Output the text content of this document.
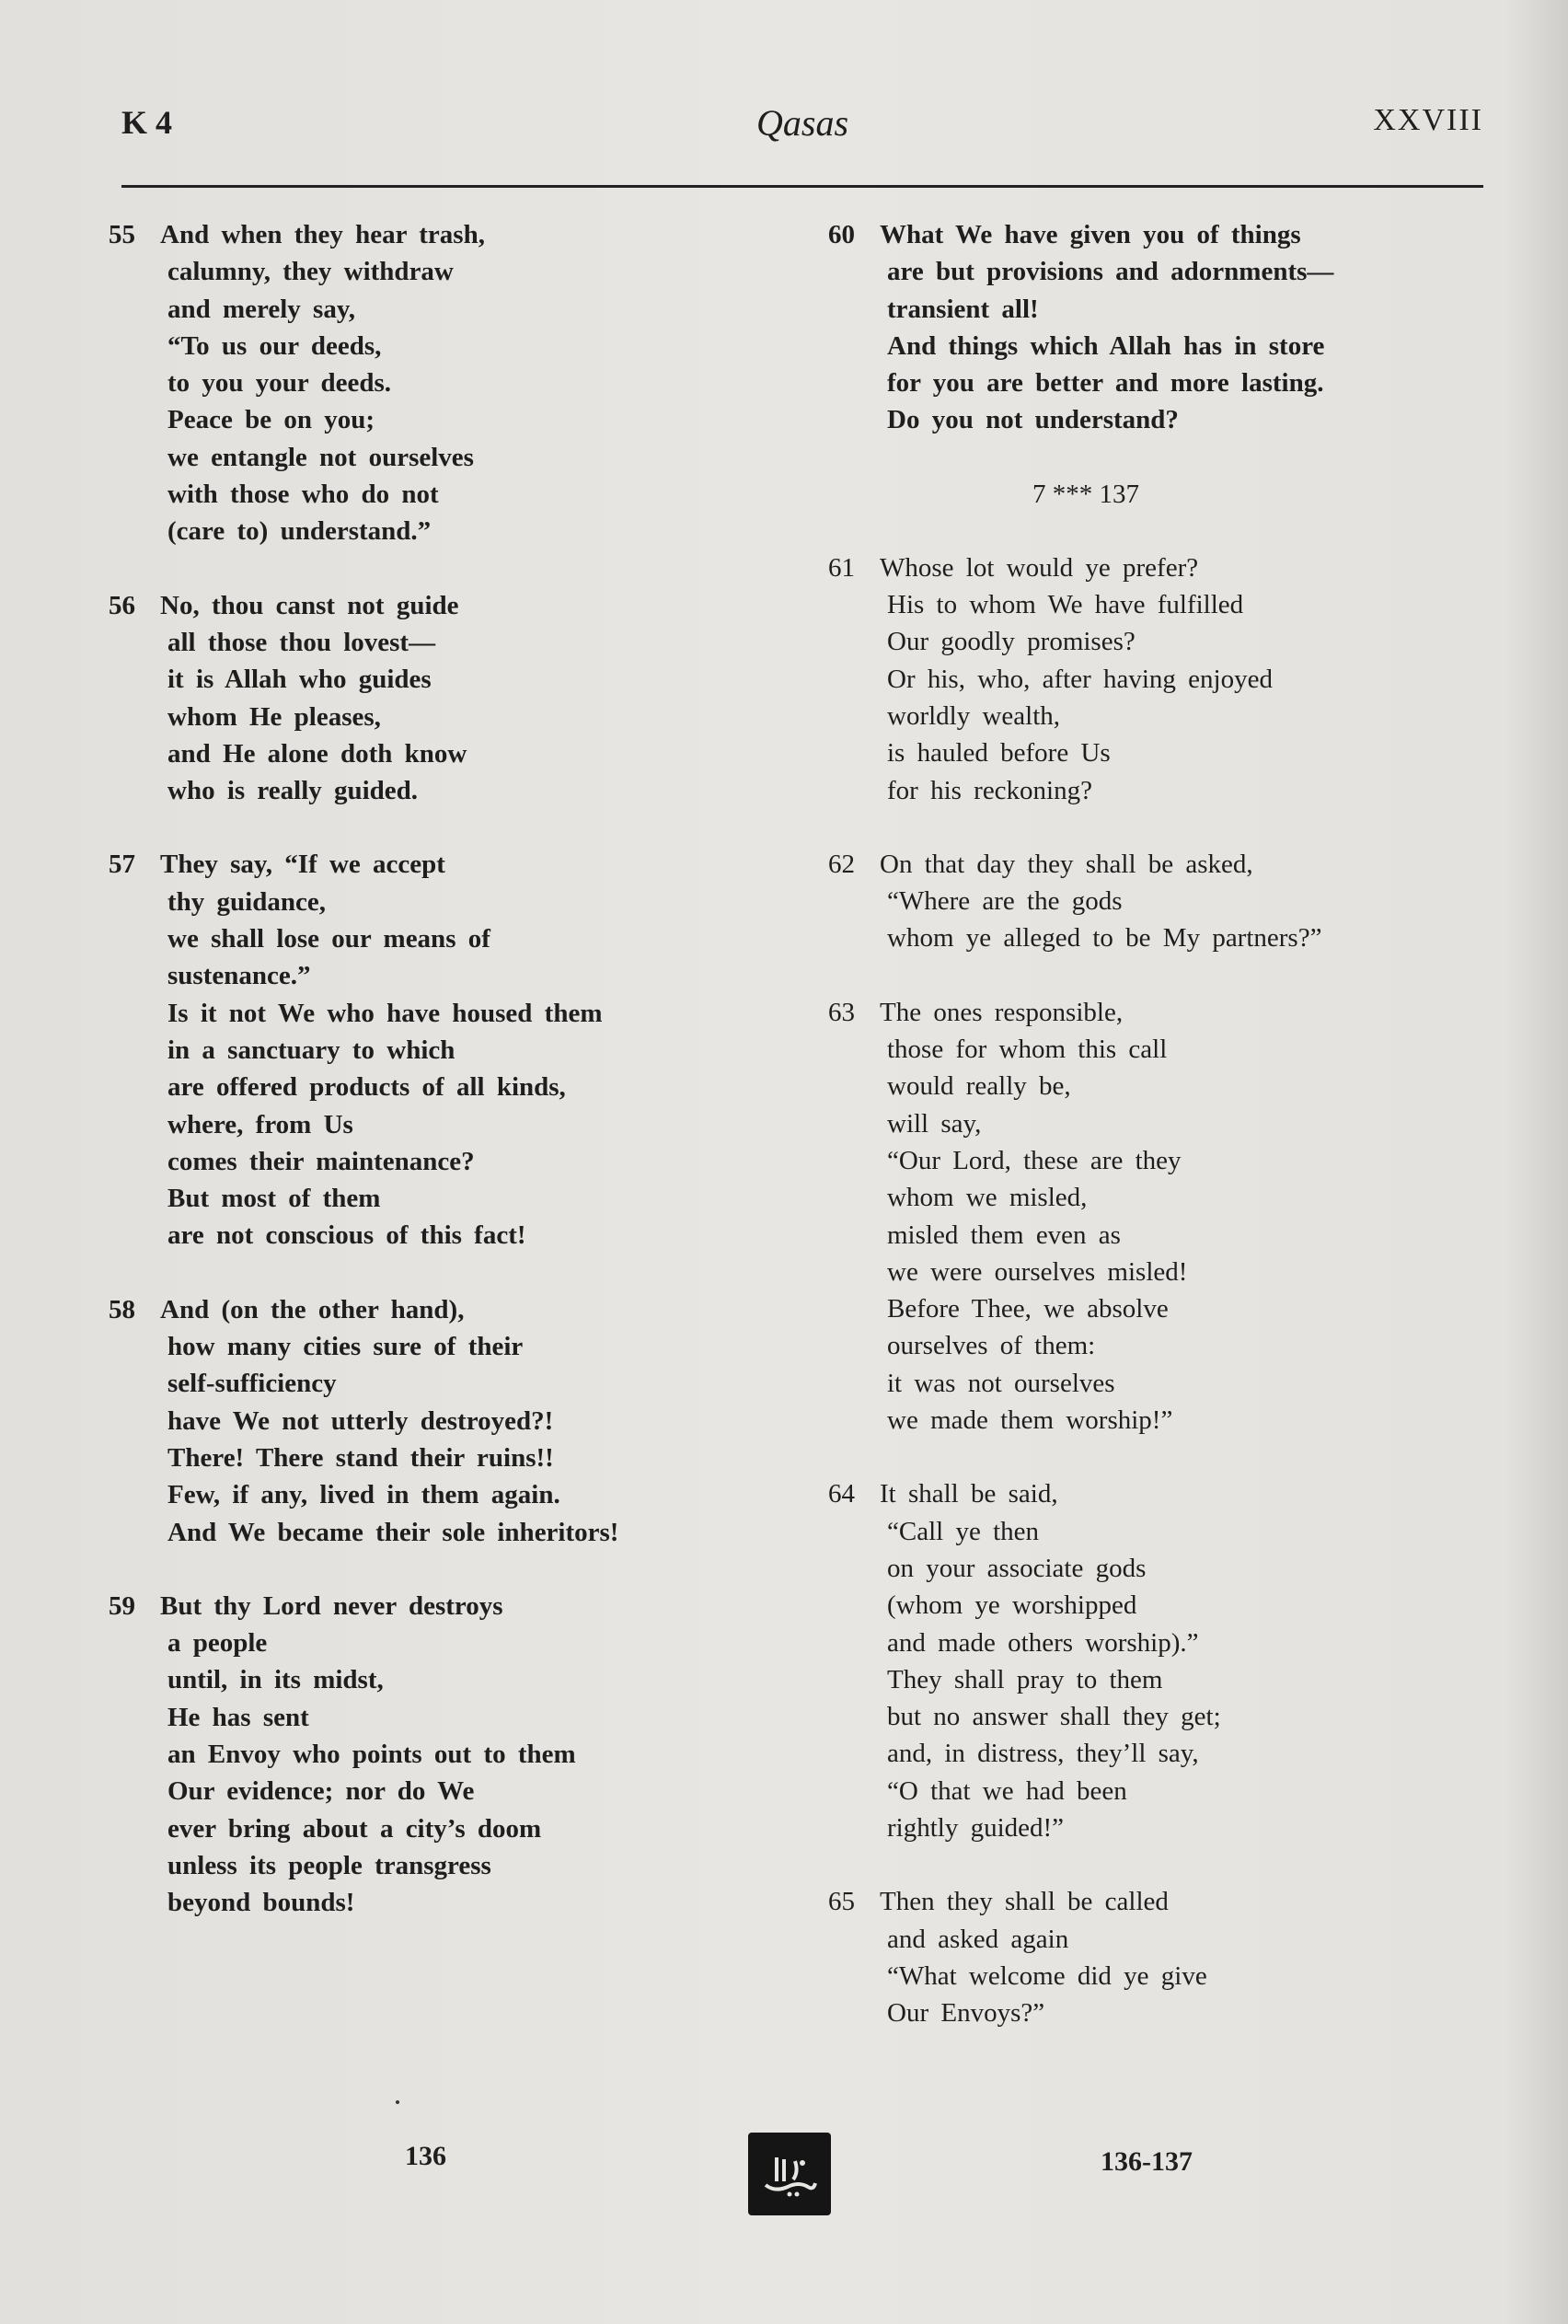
K 4	Qasas	XXVIII
55 And when they hear trash,
calumny, they withdraw
and merely say,
“To us our deeds,
to you your deeds.
Peace be on you;
we entangle not ourselves
with those who do not
(care to) understand.”
56 No, thou canst not guide
all those thou lovest—
it is Allah who guides
whom He pleases,
and He alone doth know
who is really guided.
57 They say, “If we accept
thy guidance,
we shall lose our means of
sustenance.”
Is it not We who have housed them
in a sanctuary to which
are offered products of all kinds,
where, from Us
comes their maintenance?
But most of them
are not conscious of this fact!
58 And (on the other hand),
how many cities sure of their
self-sufficiency
have We not utterly destroyed?!
There! There stand their ruins!!
Few, if any, lived in them again.
And We became their sole inheritors!
59 But thy Lord never destroys
a people
until, in its midst,
He has sent
an Envoy who points out to them
Our evidence; nor do We
ever bring about a city’s doom
unless its people transgress
beyond bounds!
60 What We have given you of things
are but provisions and adornments—
transient all!
And things which Allah has in store
for you are better and more lasting.
Do you not understand?
7 *** 137
61 Whose lot would ye prefer?
His to whom We have fulfilled
Our goodly promises?
Or his, who, after having enjoyed
worldly wealth,
is hauled before Us
for his reckoning?
62 On that day they shall be asked,
“Where are the gods
whom ye alleged to be My partners?”
63 The ones responsible,
those for whom this call
would really be,
will say,
“Our Lord, these are they
whom we misled,
misled them even as
we were ourselves misled!
Before Thee, we absolve
ourselves of them:
it was not ourselves
we made them worship!”
64 It shall be said,
“Call ye then
on your associate gods
(whom ye worshipped
and made others worship).”
They shall pray to them
but no answer shall they get;
and, in distress, they’ll say,
“O that we had been
rightly guided!”
65 Then they shall be called
and asked again
“What welcome did ye give
Our Envoys?”
136	136-137
